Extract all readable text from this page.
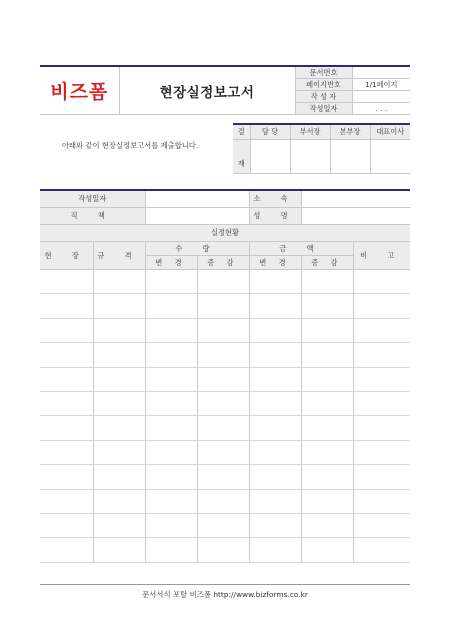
비즈폼	현장실정보고서	문서번호	
		페이지번호	1/1페이지
		작 성 자	
		작성일자	. . .
아래와 같이 현장실정보고서를 제출합니다.
결	담 당	부서장	본부장	대표이사
재				
작성일자				소 속		
직 책				성 명		
실정현황						
현 장	규 격	수 량		금 액		비 고
		변 경	증 감	변 경	증 감	

문서서식 포탈 비즈폼 http://www.bizforms.co.kr
